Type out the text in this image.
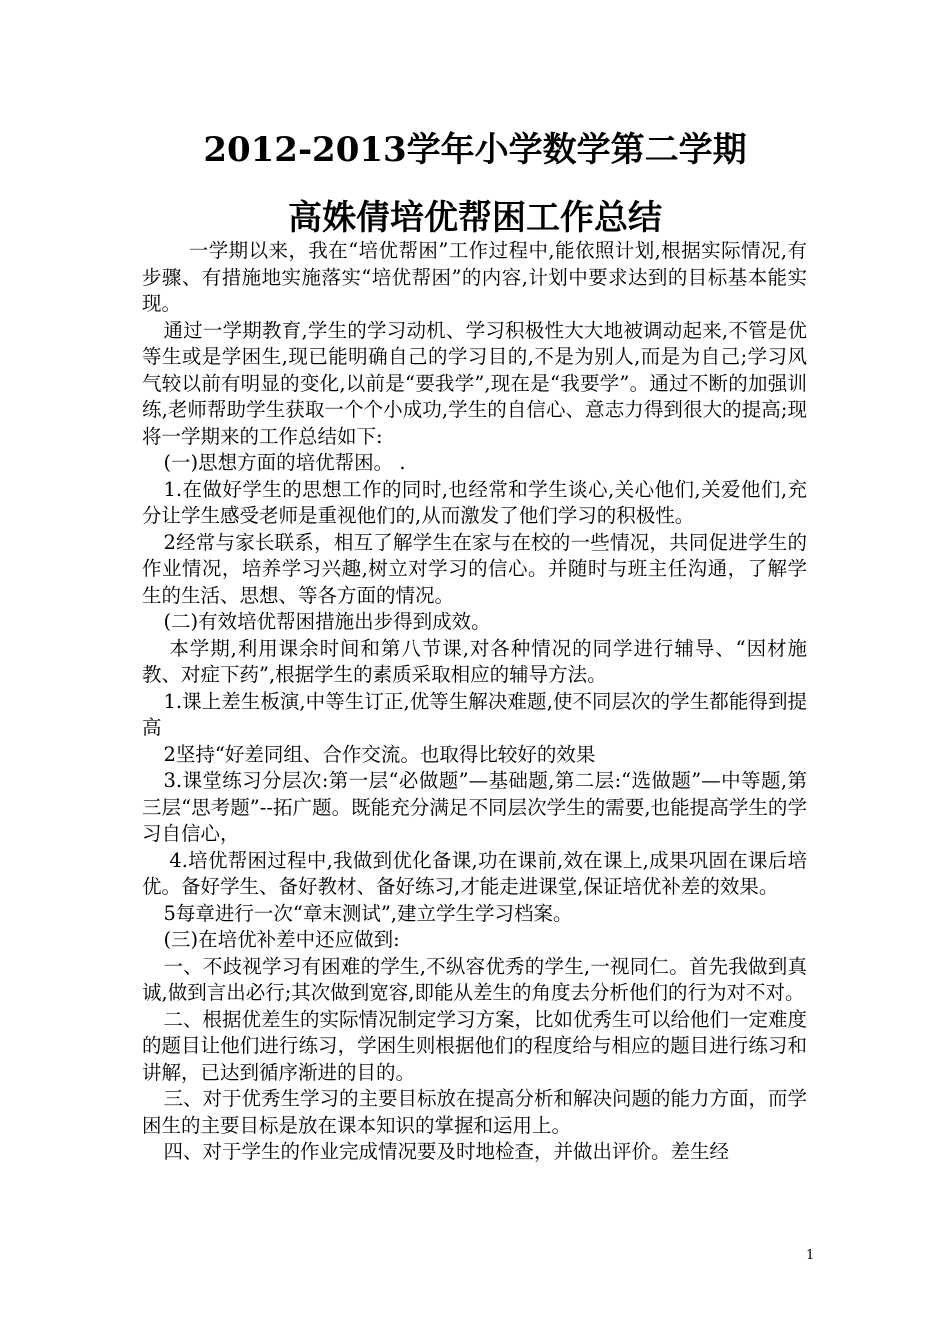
2012-2013学年小学数学第二学期
高姝倩培优帮困工作总结

一学期以来，我在“培优帮困”工作过程中,能依照计划,根据实际情况,有步骤、有措施地实施落实“培优帮困”的内容,计划中要求达到的目标基本能实现。

通过一学期教育,学生的学习动机、学习积极性大大地被调动起来,不管是优等生或是学困生,现已能明确自己的学习目的,不是为别人,而是为自己;学习风气较以前有明显的变化,以前是“要我学”,现在是“我要学”。通过不断的加强训练,老师帮助学生获取一个个小成功,学生的自信心、意志力得到很大的提高;现将一学期来的工作总结如下:

(一)思想方面的培优帮困。 .

1.在做好学生的思想工作的同时,也经常和学生谈心,关心他们,关爱他们,充分让学生感受老师是重视他们的,从而激发了他们学习的积极性。

2经常与家长联系，相互了解学生在家与在校的一些情况，共同促进学生的作业情况，培养学习兴趣,树立对学习的信心。并随时与班主任沟通，了解学生的生活、思想、等各方面的情况。

(二)有效培优帮困措施出步得到成效。

本学期,利用课余时间和第八节课,对各种情况的同学进行辅导、“因材施教、对症下药”,根据学生的素质采取相应的辅导方法。

1.课上差生板演,中等生订正,优等生解决难题,使不同层次的学生都能得到提高

2坚持“好差同组、合作交流。也取得比较好的效果

3.课堂练习分层次:第一层“必做题”—基础题,第二层:“选做题”—中等题,第三层“思考题”--拓广题。既能充分满足不同层次学生的需要,也能提高学生的学习自信心，

4.培优帮困过程中,我做到优化备课,功在课前,效在课上,成果巩固在课后培优。备好学生、备好教材、备好练习,才能走进课堂,保证培优补差的效果。

5每章进行一次“章末测试”,建立学生学习档案。

(三)在培优补差中还应做到:

一、不歧视学习有困难的学生,不纵容优秀的学生,一视同仁。首先我做到真诚,做到言出必行;其次做到宽容,即能从差生的角度去分析他们的行为对不对。

二、根据优差生的实际情况制定学习方案，比如优秀生可以给他们一定难度的题目让他们进行练习，学困生则根据他们的程度给与相应的题目进行练习和讲解，已达到循序渐进的目的。

三、对于优秀生学习的主要目标放在提高分析和解决问题的能力方面，而学困生的主要目标是放在课本知识的掌握和运用上。

四、对于学生的作业完成情况要及时地检查，并做出评价。差生经

1
